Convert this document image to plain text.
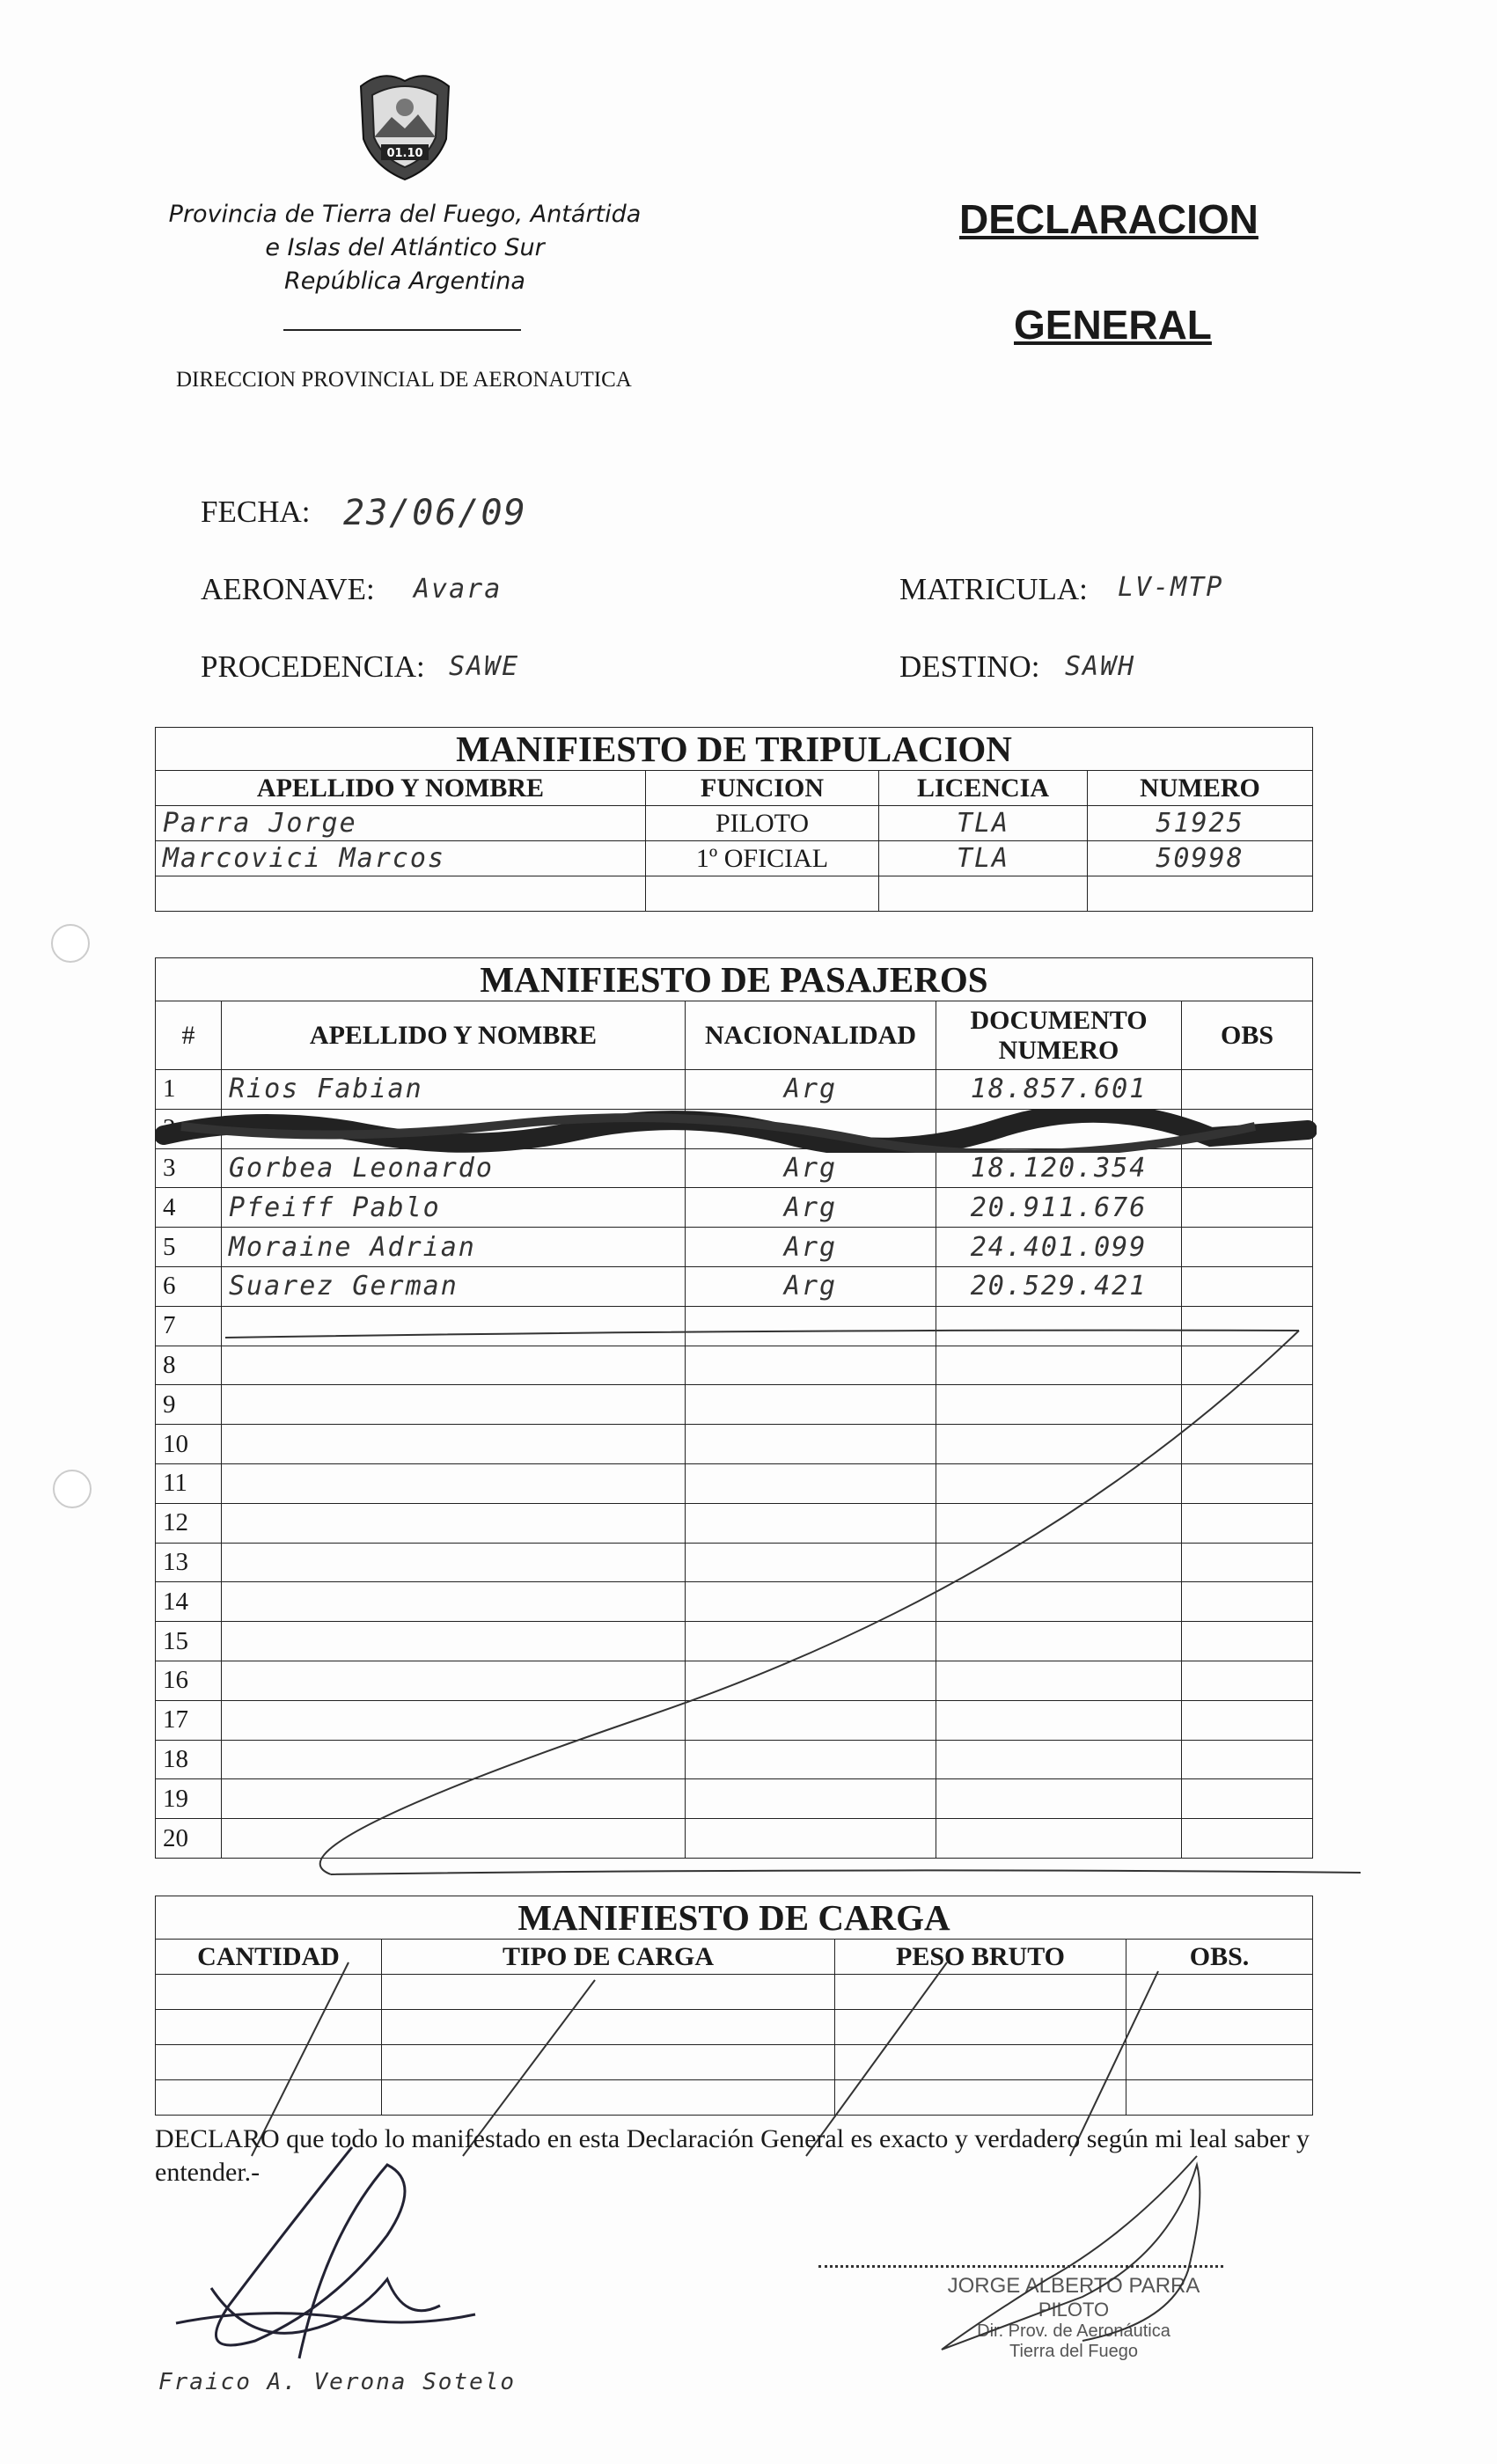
01.10
Provincia de Tierra del Fuego, Antártida
e Islas del Atlántico Sur
República Argentina
DIRECCION PROVINCIAL DE AERONAUTICA
DECLARACION
GENERAL
FECHA: 23/06/09
AERONAVE: Avara	MATRICULA: LV-MTP
PROCEDENCIA: SAWE	DESTINO: SAWH
MANIFIESTO DE TRIPULACION			
APELLIDO Y NOMBRE	FUNCION	LICENCIA	NUMERO
Parra Jorge	PILOTO	TLA	51925
Marcovici Marcos	1º OFICIAL	TLA	50998

MANIFIESTO DE PASAJEROS				
#	APELLIDO Y NOMBRE	NACIONALIDAD	DOCUMENTO NUMERO	OBS
1	Rios Fabian	Arg	18.857.601	
2				
3	Gorbea Leonardo	Arg	18.120.354	
4	Pfeiff Pablo	Arg	20.911.676	
5	Moraine Adrian	Arg	24.401.099	
6	Suarez German	Arg	20.529.421	
7				
8				
9				
10				
11				
12				
13				
14				
15				
16				
17				
18				
19				
20				
MANIFIESTO DE CARGA			
CANTIDAD	TIPO DE CARGA	PESO BRUTO	OBS.

DECLARO que todo lo manifestado en esta Declaración General es exacto y verdadero según mi leal saber y entender.-
JORGE ALBERTO PARRA
PILOTO
Dir. Prov. de Aeronáutica
Tierra del Fuego
Fraico A. Verona Sotelo
